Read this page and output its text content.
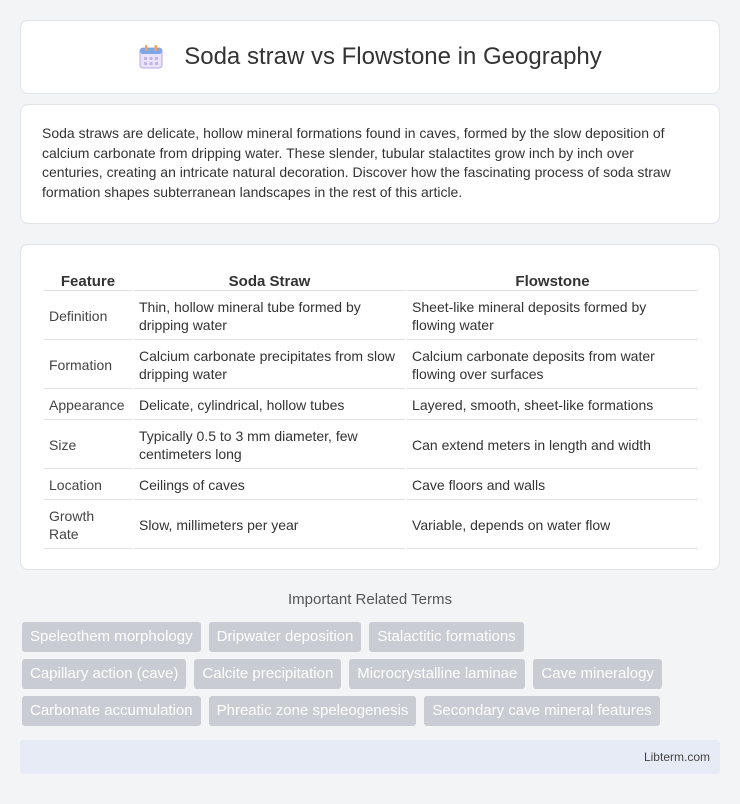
Soda straw vs Flowstone in Geography

Soda straws are delicate, hollow mineral formations found in caves, formed by the slow deposition of calcium carbonate from dripping water. These slender, tubular stalactites grow inch by inch over centuries, creating an intricate natural decoration. Discover how the fascinating process of soda straw formation shapes subterranean landscapes in the rest of this article.

Feature	Soda Straw	Flowstone
Definition	Thin, hollow mineral tube formed by dripping water	Sheet-like mineral deposits formed by flowing water
Formation	Calcium carbonate precipitates from slow dripping water	Calcium carbonate deposits from water flowing over surfaces
Appearance	Delicate, cylindrical, hollow tubes	Layered, smooth, sheet-like formations
Size	Typically 0.5 to 3 mm diameter, few centimeters long	Can extend meters in length and width
Location	Ceilings of caves	Cave floors and walls
Growth Rate	Slow, millimeters per year	Variable, depends on water flow
Important Related Terms
Speleothem morphology	Dripwater deposition	Stalactitic formations
Capillary action (cave)	Calcite precipitation	Microcrystalline laminae	Cave mineralogy
Carbonate accumulation	Phreatic zone speleogenesis	Secondary cave mineral features
Libterm.com
